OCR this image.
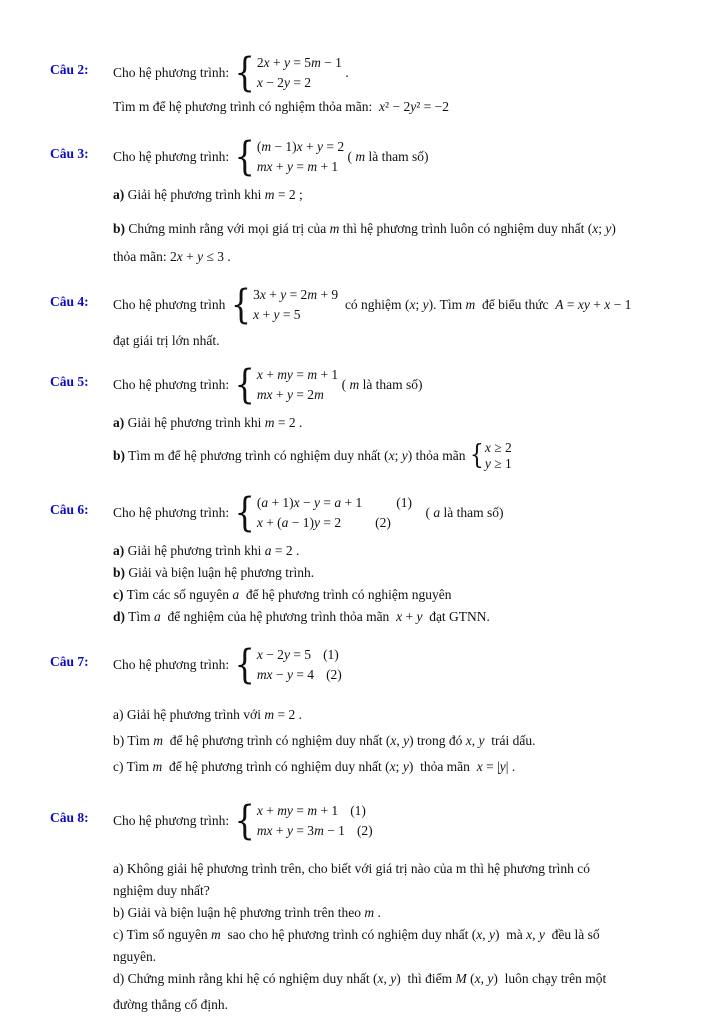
Câu 2: Cho hệ phương trình: { 2x + y = 5m − 1
x − 2y = 2
.
Tìm m để hệ phương trình có nghiệm thỏa mãn:  x² − 2y² = −2
Câu 3: Cho hệ phương trình: { (m − 1)x + y = 2
mx + y = m + 1
( m là tham số)
a) Giải hệ phương trình khi m = 2 ;
b) Chứng minh rằng với mọi giá trị của m thì hệ phương trình luôn có nghiệm duy nhất (x; y)
thỏa mãn: 2x + y ≤ 3 .
Câu 4: Cho hệ phương trình { 3x + y = 2m + 9
x + y = 5
có nghiệm (x; y) . Tìm m để biểu thức A = xy + x − 1
đạt giái trị lớn nhất.
Câu 5: Cho hệ phương trình: { x + my = m + 1
mx + y = 2m
( m là tham số)
a) Giải hệ phương trình khi m = 2 .
b) Tìm m để hệ phương trình có nghiệm duy nhất (x; y) thỏa mãn { x ≥ 2
y ≥ 1
Câu 6: Cho hệ phương trình: { (a + 1)x − y = a + 1	(1)
x + (a − 1)y = 2	(2)
( a là tham số)
a) Giải hệ phương trình khi a = 2 .
b) Giải và biện luận hệ phương trình.
c) Tìm các số nguyên a  để hệ phương trình có nghiệm nguyên
d) Tìm a  để nghiệm của hệ phương trình thỏa mãn  x + y  đạt GTNN.
Câu 7: Cho hệ phương trình: { x − 2y = 5 (1)
mx − y = 4 (2)
a) Giải hệ phương trình với m = 2 .
b) Tìm m  để hệ phương trình có nghiệm duy nhất (x, y) trong đó x, y  trái dấu.
c) Tìm m  để hệ phương trình có nghiệm duy nhất (x; y)  thỏa mãn  x = |y| .
Câu 8: Cho hệ phương trình: { x + my = m + 1 (1)
mx + y = 3m − 1 (2)
a) Không giải hệ phương trình trên, cho biết với giá trị nào của m thì hệ phương trình có
nghiệm duy nhất?
b) Giải và biện luận hệ phương trình trên theo m .
c) Tìm số nguyên m  sao cho hệ phương trình có nghiệm duy nhất (x, y)  mà x, y  đều là số
nguyên.
d) Chứng minh rằng khi hệ có nghiệm duy nhất (x, y)  thì điểm M (x, y)  luôn chạy trên một
đường thẳng cố định.
